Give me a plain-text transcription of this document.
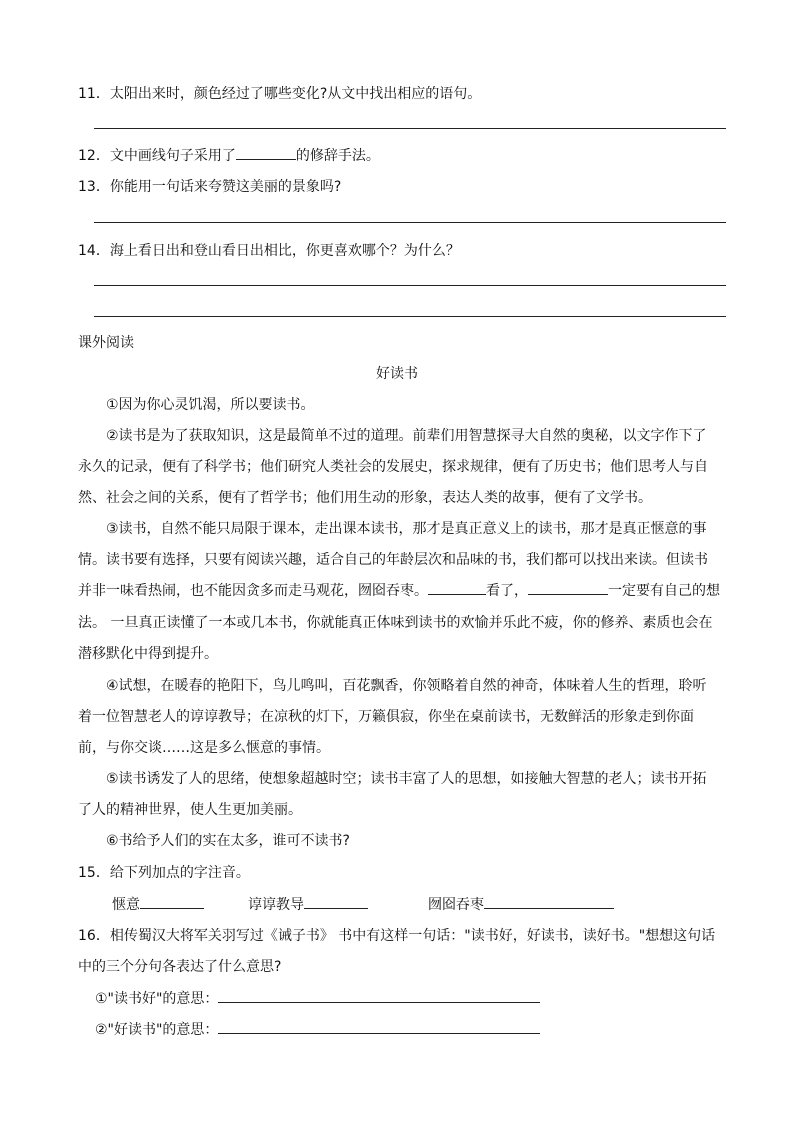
11．太阳出来时，颜色经过了哪些变化?从文中找出相应的语句。
12．文中画线句子采用了	的修辞手法。
13．你能用一句话来夸赞这美丽的景象吗?
14．海上看日出和登山看日出相比，你更喜欢哪个？为什么？
课外阅读
好读书
①因为你心灵饥渴，所以要读书。
②读书是为了获取知识，这是最简单不过的道理。前辈们用智慧探寻大自然的奥秘，以文字作下了
永久的记录，便有了科学书；他们研究人类社会的发展史，探求规律，便有了历史书；他们思考人与自
然、社会之间的关系，便有了哲学书；他们用生动的形象，表达人类的故事，便有了文学书。
③读书，自然不能只局限于课本，走出课本读书，那才是真正意义上的读书，那才是真正惬意的事
情。读书要有选择，只要有阅读兴趣，适合自己的年龄层次和品味的书，我们都可以找出来读。但读书
并非一味看热闹，也不能因贪多而走马观花，囫囵吞枣。	看了，	一定要有自己的想
法。 一旦真正读懂了一本或几本书，你就能真正体味到读书的欢愉并乐此不疲，你的修养、素质也会在
潜移默化中得到提升。
④试想，在暖春的艳阳下，鸟儿鸣叫，百花飘香，你领略着自然的神奇，体味着人生的哲理，聆听
着一位智慧老人的谆谆教导；在凉秋的灯下，万籁俱寂，你坐在桌前读书，无数鲜活的形象走到你面
前，与你交谈……这是多么惬意的事情。
⑤读书诱发了人的思绪，使想象超越时空；读书丰富了人的思想，如接触大智慧的老人；读书开拓
了人的精神世界，使人生更加美丽。
⑥书给予人们的实在太多，谁可不读书?
15．给下列加点的字注音。
惬意	谆谆教导	囫囵吞枣
16．相传蜀汉大将军关羽写过《诫子书》 书中有这样一句话："读书好，好读书，读好书。"想想这句话
中的三个分句各表达了什么意思?
①"读书好"的意思：
②"好读书"的意思：
